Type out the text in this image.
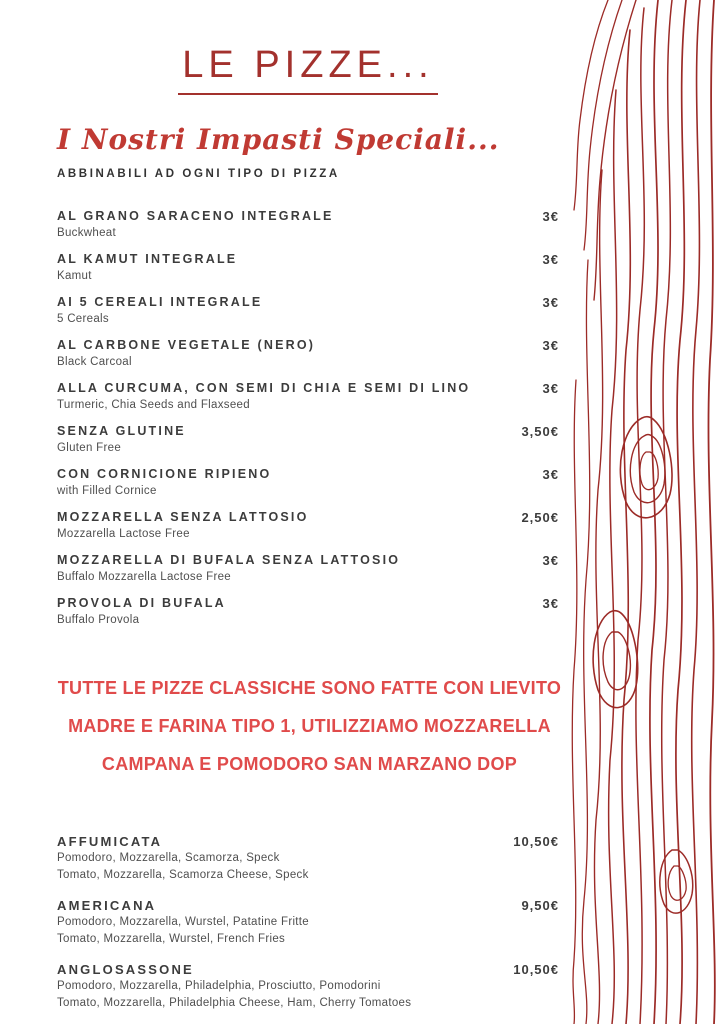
LE PIZZE...
I Nostri Impasti Speciali...
ABBINABILI AD OGNI TIPO DI PIZZA
AL GRANO SARACENO INTEGRALE
Buckwheat
3€
AL KAMUT INTEGRALE
Kamut
3€
AI 5 CEREALI INTEGRALE
5 Cereals
3€
AL CARBONE VEGETALE (NERO)
Black Carcoal
3€
ALLA CURCUMA, CON SEMI DI CHIA E SEMI DI LINO
Turmeric, Chia Seeds and Flaxseed
3€
SENZA GLUTINE
Gluten Free
3,50€
CON CORNICIONE RIPIENO
with Filled Cornice
3€
MOZZARELLA SENZA LATTOSIO
Mozzarella Lactose Free
2,50€
MOZZARELLA DI BUFALA SENZA LATTOSIO
Buffalo Mozzarella Lactose Free
3€
PROVOLA DI BUFALA
Buffalo Provola
3€
TUTTE LE PIZZE CLASSICHE SONO FATTE CON LIEVITO MADRE E FARINA TIPO 1, UTILIZZIAMO MOZZARELLA CAMPANA E POMODORO SAN MARZANO DOP
AFFUMICATA
Pomodoro, Mozzarella, Scamorza, Speck
Tomato, Mozzarella, Scamorza Cheese, Speck
10,50€
AMERICANA
Pomodoro, Mozzarella, Wurstel, Patatine Fritte
Tomato, Mozzarella, Wurstel, French Fries
9,50€
ANGLOSASSONE
Pomodoro, Mozzarella, Philadelphia, Prosciutto, Pomodorini
Tomato, Mozzarella, Philadelphia Cheese, Ham, Cherry Tomatoes
10,50€
